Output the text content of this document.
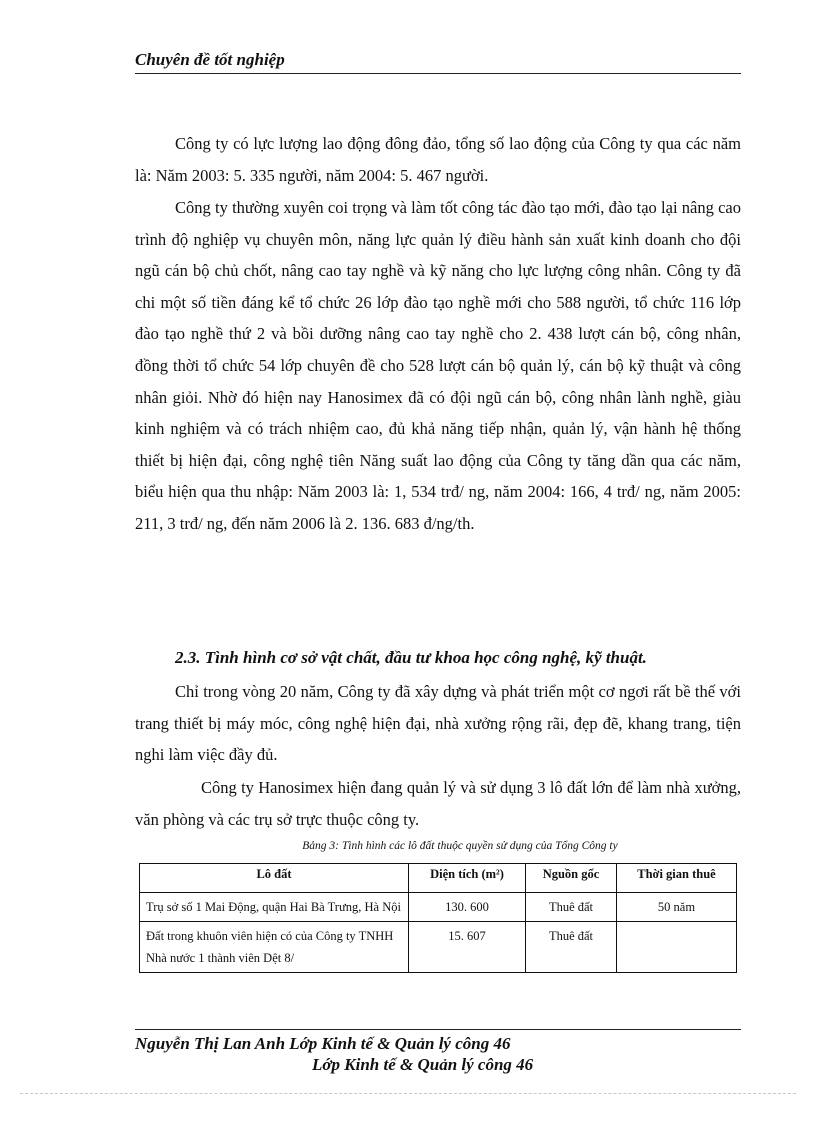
Chuyên đề tốt nghiệp
Công ty có lực lượng lao động đông đảo, tổng số lao động của Công ty qua các năm là: Năm 2003: 5. 335 người, năm 2004: 5. 467 người.
Công ty thường xuyên coi trọng và làm tốt công tác đào tạo mới, đào tạo lại nâng cao trình độ nghiệp vụ chuyên môn, năng lực quản lý điều hành sản xuất kinh doanh cho đội ngũ cán bộ chủ chốt, nâng cao tay nghề và kỹ năng cho lực lượng công nhân. Công ty đã chi một số tiền đáng kể tổ chức 26 lớp đào tạo nghề mới cho 588 người, tổ chức 116 lớp đào tạo nghề thứ 2 và bồi dưỡng nâng cao tay nghề cho 2. 438 lượt cán bộ, công nhân, đồng thời tổ chức 54 lớp chuyên đề cho 528 lượt cán bộ quản lý, cán bộ kỹ thuật và công nhân giỏi. Nhờ đó hiện nay Hanosimex đã có đội ngũ cán bộ, công nhân lành nghề, giàu kinh nghiệm và có trách nhiệm cao, đủ khả năng tiếp nhận, quản lý, vận hành hệ thống thiết bị hiện đại, công nghệ tiên Năng suất lao động của Công ty tăng dần qua các năm, biểu hiện qua thu nhập: Năm 2003 là: 1, 534 trđ/ ng, năm 2004: 166, 4 trđ/ ng, năm 2005: 211, 3 trđ/ ng, đến năm 2006 là 2. 136. 683 đ/ng/th.
2.3. Tình hình cơ sở vật chất, đầu tư khoa học công nghệ, kỹ thuật.
Chỉ trong vòng 20 năm, Công ty đã xây dựng và phát triển một cơ ngơi rất bề thế với trang thiết bị máy móc, công nghệ hiện đại, nhà xưởng rộng rãi, đẹp đẽ, khang trang, tiện nghi làm việc đầy đủ.
Công ty Hanosimex hiện đang quản lý và sử dụng 3 lô đất lớn để làm nhà xưởng, văn phòng và các trụ sở trực thuộc công ty.
Bảng 3: Tình hình các lô đất thuộc quyền sử dụng của Tổng Công ty
Lô đất	Diện tích (m²)	Nguồn gốc	Thời gian thuê
Trụ sở số 1 Mai Động, quận Hai Bà Trưng, Hà Nội	130. 600	Thuê đất	50 năm
Đất trong khuôn viên hiện có của Công ty TNHH Nhà nước 1 thành viên Dệt 8/	15. 607	Thuê đất	
Nguyễn Thị Lan Anh Lớp Kinh tế & Quản lý công 46
Lớp Kinh tế & Quản lý công 46
